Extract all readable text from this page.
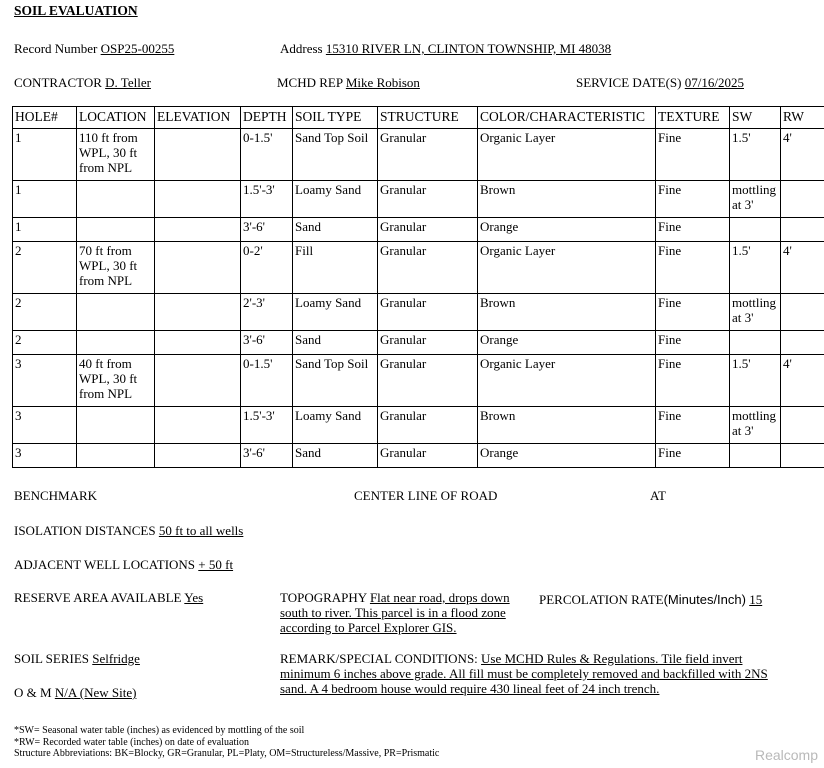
SOIL EVALUATION
Record Number OSP25-00255	Address 15310 RIVER LN, CLINTON TOWNSHIP, MI 48038
CONTRACTOR D. Teller	MCHD REP Mike Robison	SERVICE DATE(S) 07/16/2025
HOLE#	LOCATION	ELEVATION	DEPTH	SOIL TYPE	STRUCTURE	COLOR/CHARACTERISTIC	TEXTURE	SW	RW
1	110 ft from WPL, 30 ft from NPL		0-1.5'	Sand Top Soil	Granular	Organic Layer	Fine	1.5'	4'
1			1.5'-3'	Loamy Sand	Granular	Brown	Fine	mottling at 3'	
1			3'-6'	Sand	Granular	Orange	Fine		
2	70 ft from WPL, 30 ft from NPL		0-2'	Fill	Granular	Organic Layer	Fine	1.5'	4'
2			2'-3'	Loamy Sand	Granular	Brown	Fine	mottling at 3'	
2			3'-6'	Sand	Granular	Orange	Fine		
3	40 ft from WPL, 30 ft from NPL		0-1.5'	Sand Top Soil	Granular	Organic Layer	Fine	1.5'	4'
3			1.5'-3'	Loamy Sand	Granular	Brown	Fine	mottling at 3'	
3			3'-6'	Sand	Granular	Orange	Fine		
BENCHMARK	CENTER LINE OF ROAD	AT
ISOLATION DISTANCES 50 ft to all wells
ADJACENT WELL LOCATIONS + 50 ft
RESERVE AREA AVAILABLE Yes	TOPOGRAPHY Flat near road, drops down
south to river. This parcel is in a flood zone
according to Parcel Explorer GIS.
PERCOLATION RATE(Minutes/Inch) 15
SOIL SERIES Selfridge	REMARK/SPECIAL CONDITIONS: Use MCHD Rules & Regulations. Tile field invert
minimum 6 inches above grade. All fill must be completely removed and backfilled with 2NS
sand. A 4 bedroom house would require 430 lineal feet of 24 inch trench.
O & M N/A (New Site)
*SW= Seasonal water table (inches) as evidenced by mottling of the soil
*RW= Recorded water table (inches) on date of evaluation
Structure Abbreviations: BK=Blocky, GR=Granular, PL=Platy, OM=Structureless/Massive, PR=Prismatic	Realcomp
